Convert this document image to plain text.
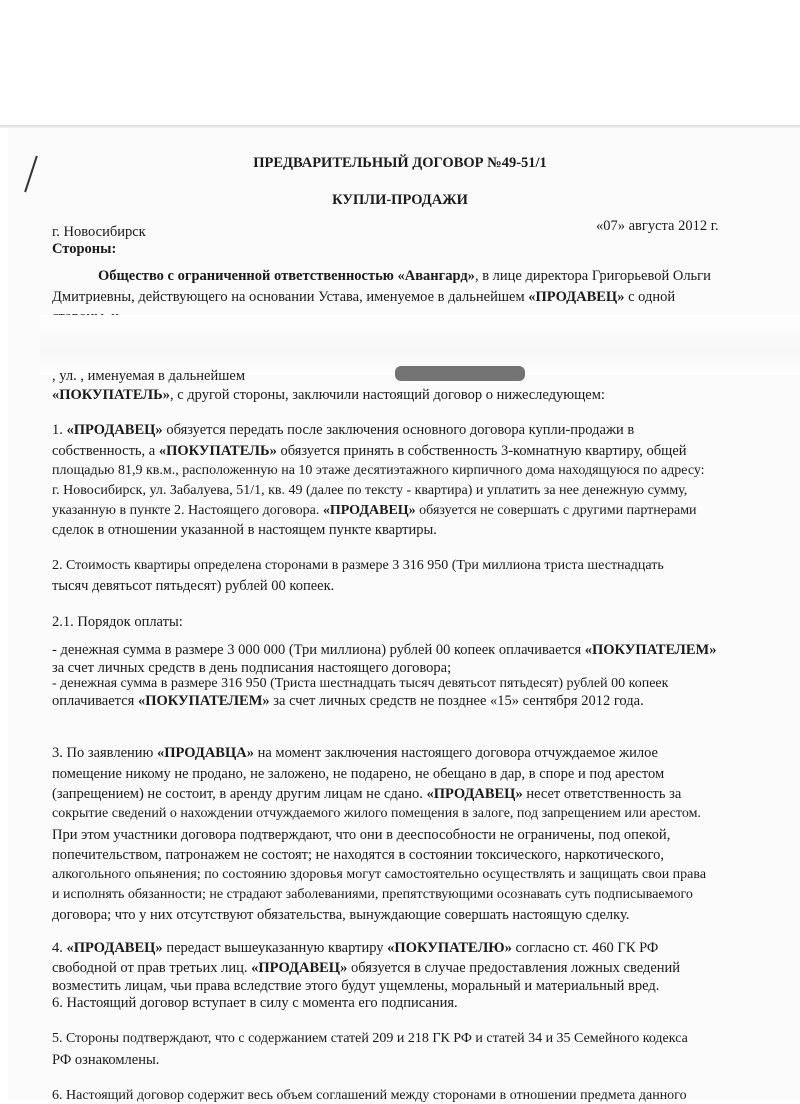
ПРЕДВАРИТЕЛЬНЫЙ ДОГОВОР №49-51/1
КУПЛИ-ПРОДАЖИ
«07» августа 2012 г.
г. Новосибирск
Стороны:
Общество с ограниченной ответственностью «Авангард», в лице директора Григорьевой Ольги
Дмитриевны, действующего на основании Устава, именуемое в дальнейшем «ПРОДАВЕЦ» с одной
, ул. , именуемая в дальнейшем
«ПОКУПАТЕЛЬ», с другой стороны, заключили настоящий договор о нижеследующем:
1. «ПРОДАВЕЦ» обязуется передать после заключения основного договора купли-продажи в
собственность, а «ПОКУПАТЕЛЬ» обязуется принять в собственность 3-комнатную квартиру, общей
площадью 81,9 кв.м., расположенную на 10 этаже десятиэтажного кирпичного дома находящуюся по адресу:
г. Новосибирск, ул. Забалуева, 51/1, кв. 49 (далее по тексту - квартира) и уплатить за нее денежную сумму,
указанную в пункте 2. Настоящего договора. «ПРОДАВЕЦ» обязуется не совершать с другими партнерами
сделок в отношении указанной в настоящем пункте квартиры.
2. Стоимость квартиры определена сторонами в размере 3 316 950 (Три миллиона триста шестнадцать
тысяч девятьсот пятьдесят) рублей 00 копеек.
2.1. Порядок оплаты:
- денежная сумма в размере 3 000 000 (Три миллиона) рублей 00 копеек оплачивается «ПОКУПАТЕЛЕМ»
за счет личных средств в день подписания настоящего договора;
- денежная сумма в размере 316 950 (Триста шестнадцать тысяч девятьсот пятьдесят) рублей 00 копеек
оплачивается «ПОКУПАТЕЛЕМ» за счет личных средств не позднее «15» сентября 2012 года.
3. По заявлению «ПРОДАВЦА» на момент заключения настоящего договора отчуждаемое жилое
помещение никому не продано, не заложено, не подарено, не обещано в дар, в споре и под арестом
(запрещением) не состоит, в аренду другим лицам не сдано. «ПРОДАВЕЦ» несет ответственность за
сокрытие сведений о нахождении отчуждаемого жилого помещения в залоге, под запрещением или арестом.
При этом участники договора подтверждают, что они в дееспособности не ограничены, под опекой,
попечительством, патронажем не состоят; не находятся в состоянии токсического, наркотического,
алкогольного опьянения; по состоянию здоровья могут самостоятельно осуществлять и защищать свои права
и исполнять обязанности; не страдают заболеваниями, препятствующими осознавать суть подписываемого
договора; что у них отсутствуют обязательства, вынуждающие совершать настоящую сделку.
4. «ПРОДАВЕЦ» передаст вышеуказанную квартиру «ПОКУПАТЕЛЮ» согласно ст. 460 ГК РФ
свободной от прав третьих лиц. «ПРОДАВЕЦ» обязуется в случае предоставления ложных сведений
возместить лицам, чьи права вследствие этого будут ущемлены, моральный и материальный вред.
6. Настоящий договор вступает в силу с момента его подписания.
5. Стороны подтверждают, что с содержанием статей 209 и 218 ГК РФ и статей 34 и 35 Семейного кодекса
РФ ознакомлены.
6. Настоящий договор содержит весь объем соглашений между сторонами в отношении предмета данного
